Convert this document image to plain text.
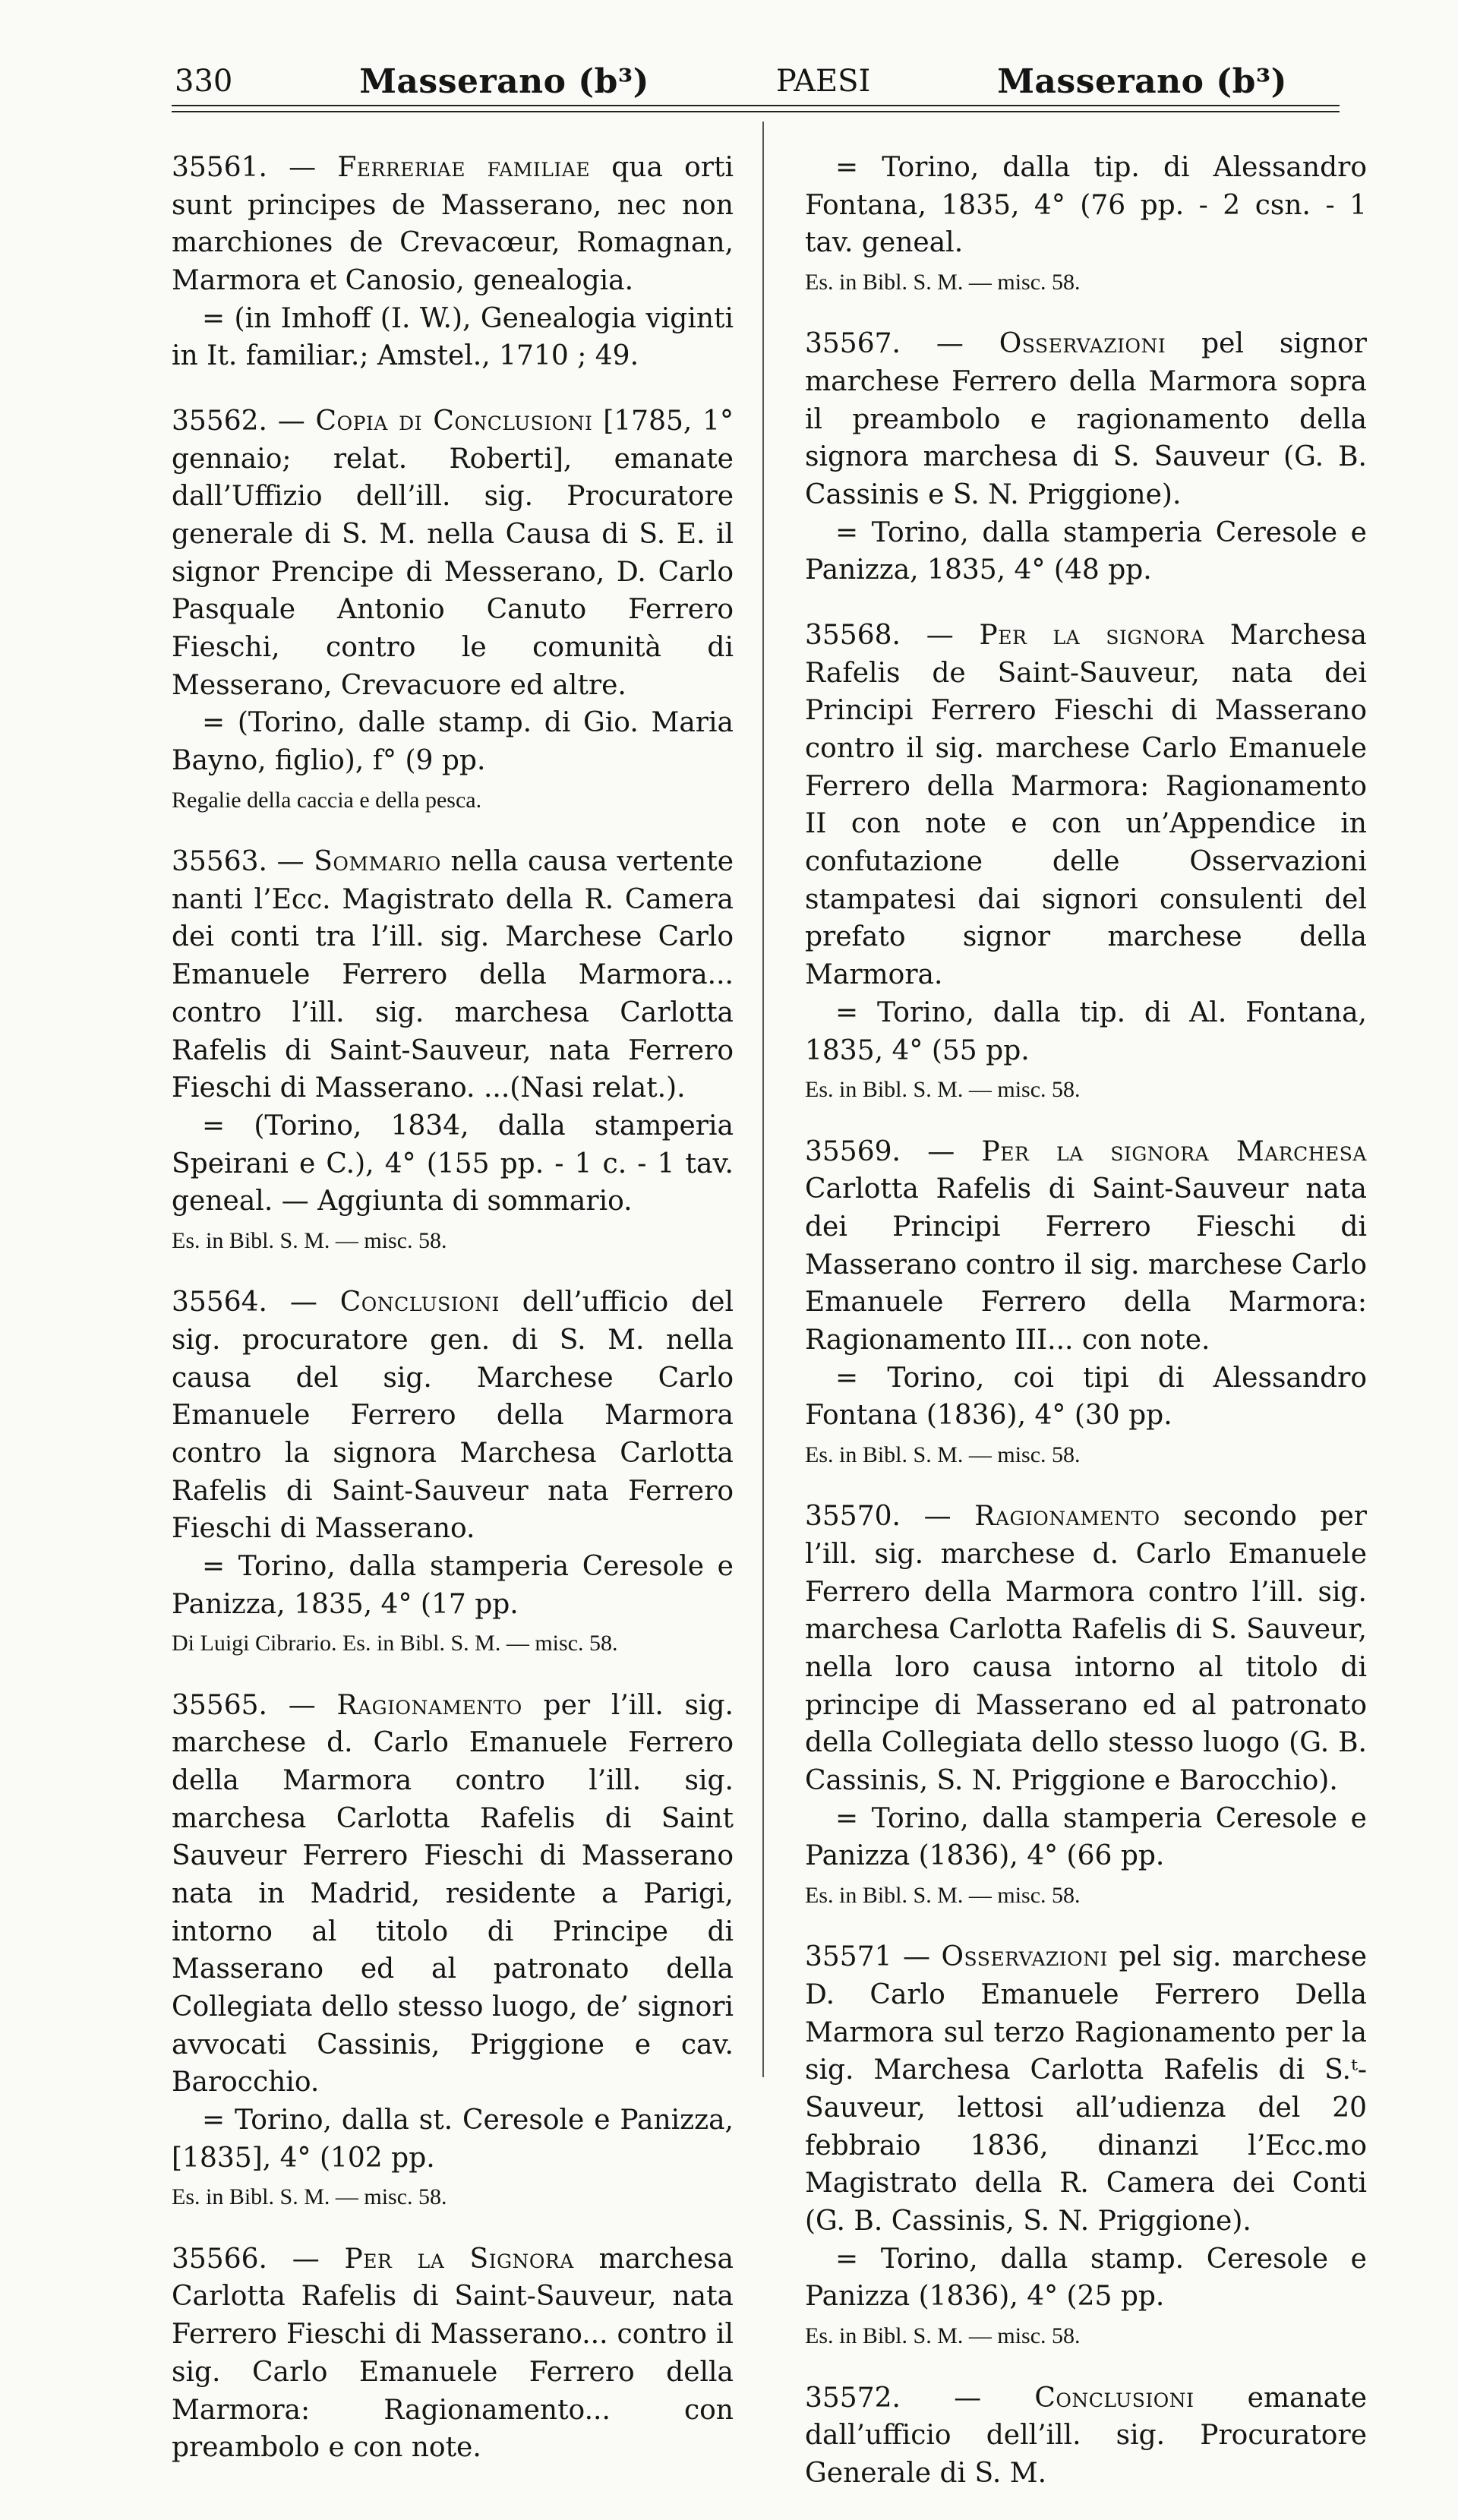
330	Masserano (b³)	PAESI	Masserano (b³)

35561. — Ferreriae familiae qua orti sunt principes de Masserano, nec non marchiones de Crevacœur, Romagnan, Marmora et Canosio, genealogia.

= (in Imhoff (I. W.), Genealogia viginti in It. familiar.; Amstel., 1710 ; 49.

35562. — Copia di Conclusioni [1785, 1° gennaio; relat. Roberti], emanate dall’Uffizio dell’ill. sig. Procuratore generale di S. M. nella Causa di S. E. il signor Prencipe di Messerano, D. Carlo Pasquale Antonio Canuto Ferrero Fieschi, contro le comunità di Messerano, Crevacuore ed altre.

= (Torino, dalle stamp. di Gio. Maria Bayno, figlio), f° (9 pp.

Regalie della caccia e della pesca.

35563. — Sommario nella causa vertente nanti l’Ecc. Magistrato della R. Camera dei conti tra l’ill. sig. Marchese Carlo Emanuele Ferrero della Marmora... contro l’ill. sig. marchesa Carlotta Rafelis di Saint-Sauveur, nata Ferrero Fieschi di Masserano. ...(Nasi relat.).

= (Torino, 1834, dalla stamperia Speirani e C.), 4° (155 pp. - 1 c. - 1 tav. geneal. — Aggiunta di sommario.

Es. in Bibl. S. M. — misc. 58.

35564. — Conclusioni dell’ufficio del sig. procuratore gen. di S. M. nella causa del sig. Marchese Carlo Emanuele Ferrero della Marmora contro la signora Marchesa Carlotta Rafelis di Saint-Sauveur nata Ferrero Fieschi di Masserano.

= Torino, dalla stamperia Ceresole e Panizza, 1835, 4° (17 pp.

Di Luigi Cibrario. Es. in Bibl. S. M. — misc. 58.

35565. — Ragionamento per l’ill. sig. marchese d. Carlo Emanuele Ferrero della Marmora contro l’ill. sig. marchesa Carlotta Rafelis di Saint Sauveur Ferrero Fieschi di Masserano nata in Madrid, residente a Parigi, intorno al titolo di Principe di Masserano ed al patronato della Collegiata dello stesso luogo, de’ signori avvocati Cassinis, Priggione e cav. Barocchio.

= Torino, dalla st. Ceresole e Panizza, [1835], 4° (102 pp.

Es. in Bibl. S. M. — misc. 58.

35566. — Per la Signora marchesa Carlotta Rafelis di Saint-Sauveur, nata Ferrero Fieschi di Masserano... contro il sig. Carlo Emanuele Ferrero della Marmora: Ragionamento... con preambolo e con note.

= Torino, dalla tip. di Alessandro Fontana, 1835, 4° (76 pp. - 2 csn. - 1 tav. geneal.

Es. in Bibl. S. M. — misc. 58.

35567. — Osservazioni pel signor marchese Ferrero della Marmora sopra il preambolo e ragionamento della signora marchesa di S. Sauveur (G. B. Cassinis e S. N. Priggione).

= Torino, dalla stamperia Ceresole e Panizza, 1835, 4° (48 pp.

35568. — Per la signora Marchesa Rafelis de Saint-Sauveur, nata dei Principi Ferrero Fieschi di Masserano contro il sig. marchese Carlo Emanuele Ferrero della Marmora: Ragionamento II con note e con un’Appendice in confutazione delle Osservazioni stampatesi dai signori consulenti del prefato signor marchese della Marmora.

= Torino, dalla tip. di Al. Fontana, 1835, 4° (55 pp.

Es. in Bibl. S. M. — misc. 58.

35569. — Per la signora Marchesa Carlotta Rafelis di Saint-Sauveur nata dei Principi Ferrero Fieschi di Masserano contro il sig. marchese Carlo Emanuele Ferrero della Marmora: Ragionamento III... con note.

= Torino, coi tipi di Alessandro Fontana (1836), 4° (30 pp.

Es. in Bibl. S. M. — misc. 58.

35570. — Ragionamento secondo per l’ill. sig. marchese d. Carlo Emanuele Ferrero della Marmora contro l’ill. sig. marchesa Carlotta Rafelis di S. Sauveur, nella loro causa intorno al titolo di principe di Masserano ed al patronato della Collegiata dello stesso luogo (G. B. Cassinis, S. N. Priggione e Barocchio).

= Torino, dalla stamperia Ceresole e Panizza (1836), 4° (66 pp.

Es. in Bibl. S. M. — misc. 58.

35571 — Osservazioni pel sig. marchese D. Carlo Emanuele Ferrero Della Marmora sul terzo Ragionamento per la sig. Marchesa Carlotta Rafelis di S.ᵗ-Sauveur, lettosi all’udienza del 20 febbraio 1836, dinanzi l’Ecc.mo Magistrato della R. Camera dei Conti (G. B. Cassinis, S. N. Priggione).

= Torino, dalla stamp. Ceresole e Panizza (1836), 4° (25 pp.

Es. in Bibl. S. M. — misc. 58.

35572. — Conclusioni emanate dall’ufficio dell’ill. sig. Procuratore Generale di S. M.
